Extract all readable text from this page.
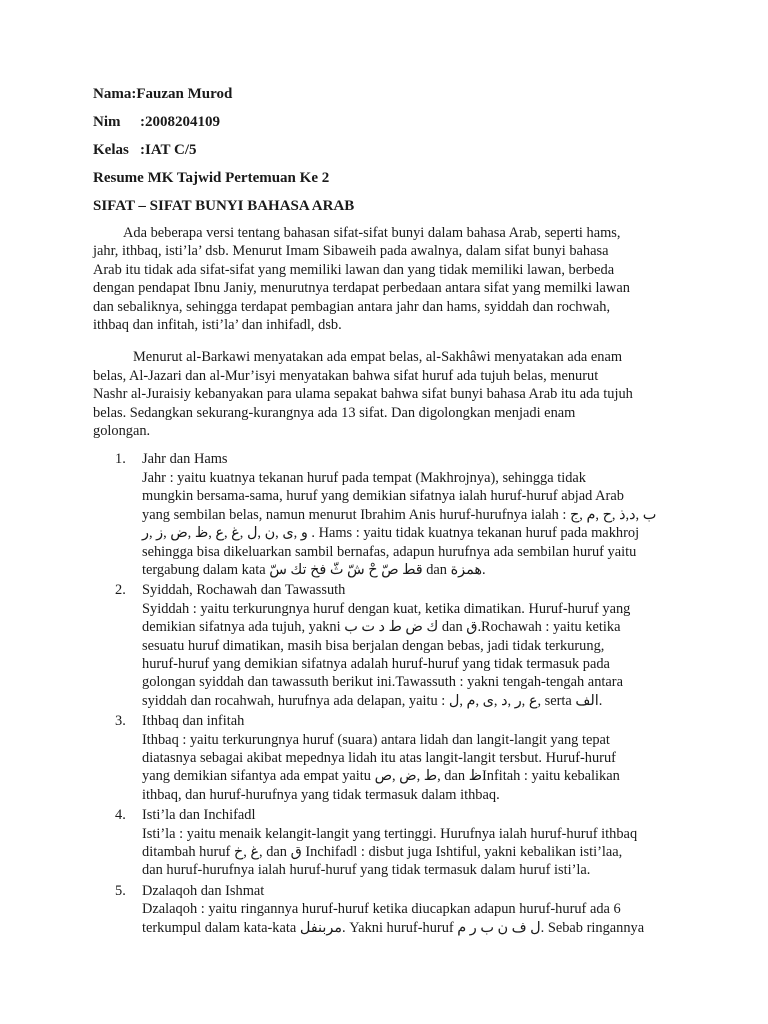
Nama:Fauzan Murod
Nim:2008204109
Kelas:IAT C/5
Resume MK Tajwid Pertemuan Ke 2
SIFAT – SIFAT BUNYI BAHASA ARAB
Ada beberapa versi tentang bahasan sifat-sifat bunyi dalam bahasa Arab, seperti hams,
jahr, ithbaq, isti’la’ dsb. Menurut Imam Sibaweih pada awalnya, dalam sifat bunyi bahasa
Arab itu tidak ada sifat-sifat yang memiliki lawan dan yang tidak memiliki lawan, berbeda
dengan pendapat Ibnu Janiy, menurutnya terdapat perbedaan antara sifat yang memilki lawan
dan sebaliknya, sehingga terdapat pembagian antara jahr dan hams, syiddah dan rochwah,
ithbaq dan infitah, isti’la’ dan inhifadl, dsb.
Menurut al-Barkawi menyatakan ada empat belas, al-Sakhâwi menyatakan ada enam
belas, Al-Jazari dan al-Mur’isyi menyatakan bahwa sifat huruf ada tujuh belas, menurut
Nashr al-Juraisiy kebanyakan para ulama sepakat bahwa sifat bunyi bahasa Arab itu ada tujuh
belas. Sedangkan sekurang-kurangnya ada 13 sifat. Dan digolongkan menjadi enam
golongan.
1. Jahr dan Hams
Jahr : yaitu kuatnya tekanan huruf pada tempat (Makhrojnya), sehingga tidak
mungkin bersama-sama, huruf yang demikian sifatnya ialah huruf-huruf abjad Arab
yang sembilan belas, namun menurut Ibrahim Anis huruf-hurufnya ialah : ب ,د,ذ ,ح ,م ,ج
و ,ى ,ن ,ل ,غ ,ع ,ظ ,ض ,ز ,ر . Hams : yaitu tidak kuatnya tekanan huruf pada makhroj
sehingga bisa dikeluarkan sambil bernafas, adapun hurufnya ada sembilan huruf yaitu
tergabung dalam kata قط صّ حْ شّ ثّ فخ تك سّ dan همزة.
2. Syiddah, Rochawah dan Tawassuth
Syiddah : yaitu terkurungnya huruf dengan kuat, ketika dimatikan. Huruf-huruf yang
demikian sifatnya ada tujuh, yakni ك ض ط د ت ب dan ق.Rochawah : yaitu ketika
sesuatu huruf dimatikan, masih bisa berjalan dengan bebas, jadi tidak terkurung,
huruf-huruf yang demikian sifatnya adalah huruf-huruf yang tidak termasuk pada
golongan syiddah dan tawassuth berikut ini.Tawassuth : yakni tengah-tengah antara
syiddah dan rocahwah, hurufnya ada delapan, yaitu : ع ,ر ,د ,ى ,م ,ل, serta الف.
3. Ithbaq dan infitah
Ithbaq : yaitu terkurungnya huruf (suara) antara lidah dan langit-langit yang tepat
diatasnya sebagai akibat mepednya lidah itu atas langit-langit tersbut. Huruf-huruf
yang demikian sifantya ada empat yaitu ط ,ض ,ص, dan ظInfitah : yaitu kebalikan
ithbaq, dan huruf-hurufnya yang tidak termasuk dalam ithbaq.
4. Isti’la dan Inchifadl
Isti’la : yaitu menaik kelangit-langit yang tertinggi. Hurufnya ialah huruf-huruf ithbaq
ditambah huruf غ ,خ, dan ق Inchifadl : disbut juga Ishtiful, yakni kebalikan isti’laa,
dan huruf-hurufnya ialah huruf-huruf yang tidak termasuk dalam huruf isti’la.
5. Dzalaqoh dan Ishmat
Dzalaqoh : yaitu ringannya huruf-huruf ketika diucapkan adapun huruf-huruf ada 6
terkumpul dalam kata-kata مربنفل. Yakni huruf-huruf ل ف ن ب ر م. Sebab ringannya
